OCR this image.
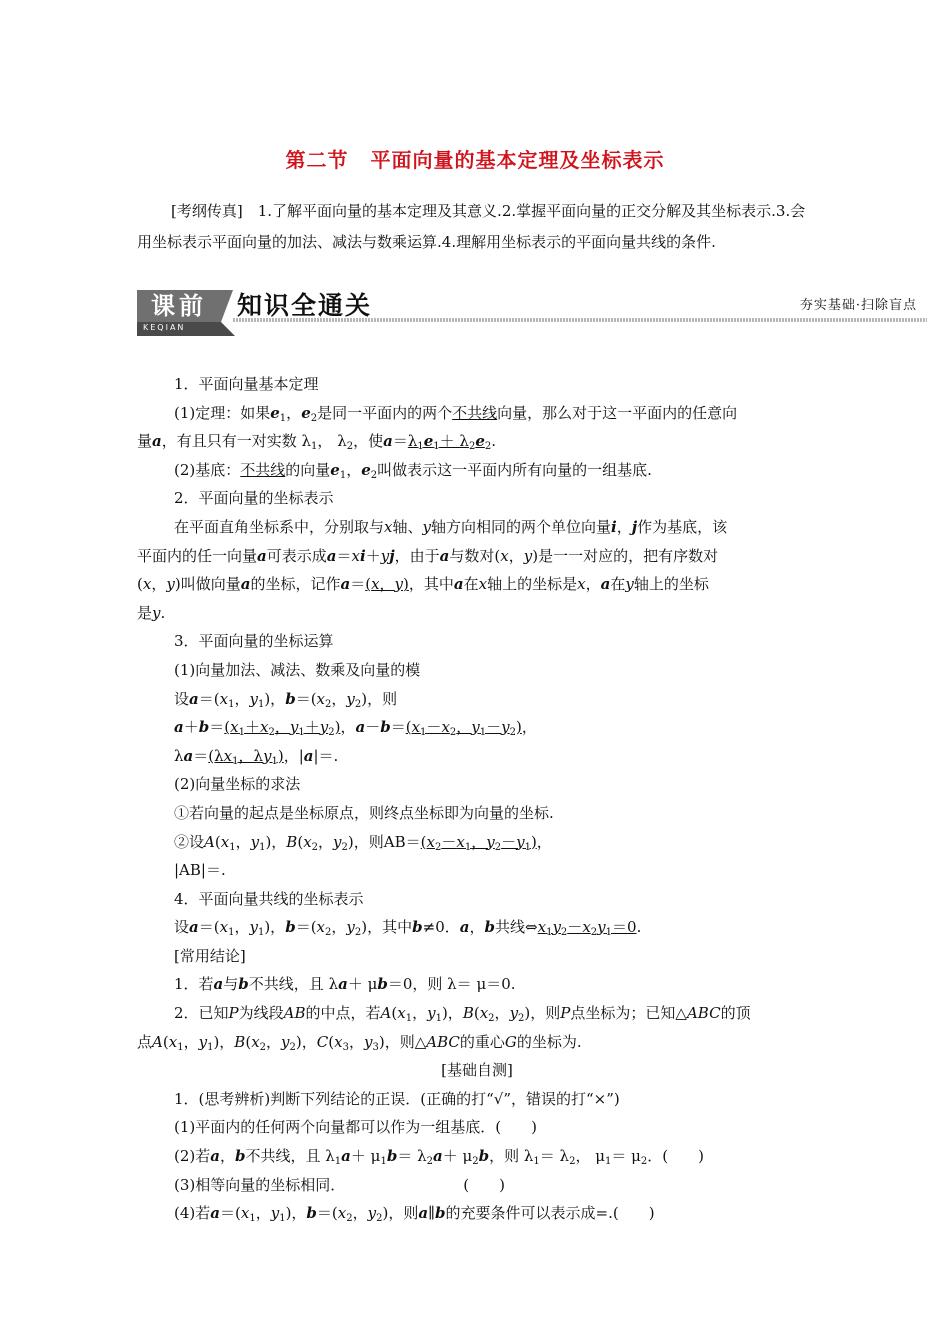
第二节 平面向量的基本定理及坐标表示
[考纲传真]　 1.了解平面向量的基本定理及其意义.2.掌握平面向量的正交分解及其坐标表示.3.会用坐标表示平面向量的加法、减法与数乘运算.4.理解用坐标表示的平面向量共线的条件.
课前
KEQIAN
知识全通关	夯实基础·扫除盲点
1．平面向量基本定理
(1)定理：如果$e_1$，$e_2$是同一平面内的两个不共线向量，那么对于这一平面内的任意向
量a，有且只有一对实数 $\lambda_1$， $\lambda_2$，使$a=\lambda_1e_1+ \lambda_2e_2$.
(2)基底：不共线的向量$e_1$，$e_2$叫做表示这一平面内所有向量的一组基底.
2．平面向量的坐标表示
在平面直角坐标系中，分别取与x轴、y轴方向相同的两个单位向量i，j作为基底，该
平面内的任一向量a可表示成a＝xi＋yj，由于a与数对(x，y)是一一对应的，把有序数对
(x，y)叫做向量a的坐标，记作a＝(x，y)，其中a在x轴上的坐标是x，a在y轴上的坐标
是y.
3．平面向量的坐标运算
(1)向量加法、减法、数乘及向量的模
设$a=(x_1$，$y_1$)，$b=(x_2$，$y_2$)，则
$a+b=(x_1+x_2$，$y_1+y_2$)，$a-b=(x_1-x_2$，$y_1-y_2$)，
$\lambda a=(\lambda x_1$，$\lambda y_1$)，|a|＝.
(2)向量坐标的求法
①若向量的起点是坐标原点，则终点坐标即为向量的坐标.
②设$A(x_1$，$y_1$)，$B(x_2$，$y_2$)，则$AB=(x_2-x_1$，$y_2-y_1$)，
|AB|＝.
4．平面向量共线的坐标表示
设$a=(x_1$，$y_1$)，$b=(x_2$，$y_2$)，其中b≠0．a，b共线$\Leftrightarrow x_1y_2-x_2y_1=0$.
[常用结论]
1．若a与b不共线，且 λa＋ μb＝0，则 λ＝ μ＝0.
2．已知P为线段AB的中点，若$A(x_1$，$y_1$)，$B(x_2$，$y_2$)，则P点坐标为；已知△ABC的顶
点$A(x_1$，$y_1$)，$B(x_2$，$y_2$)，$C(x_3$，$y_3$)，则△ABC的重心G的坐标为.
[基础自测]
1．(思考辨析)判断下列结论的正误．(正确的打“√”，错误的打“×”)
(1)平面内的任何两个向量都可以作为一组基底．(　　)
(2)若a，b不共线，且 $\lambda_1a+ \mu_1b= \lambda_2a+ \mu_2b$，则 $\lambda_1= \lambda_2$， $\mu_1= \mu_2$．(　　)
(3)相等向量的坐标相同．	(　　)
(4)若$a=(x_1$，$y_1$)，$b=(x_2$，$y_2$)，则a∥b的充要条件可以表示成=.(　　)
